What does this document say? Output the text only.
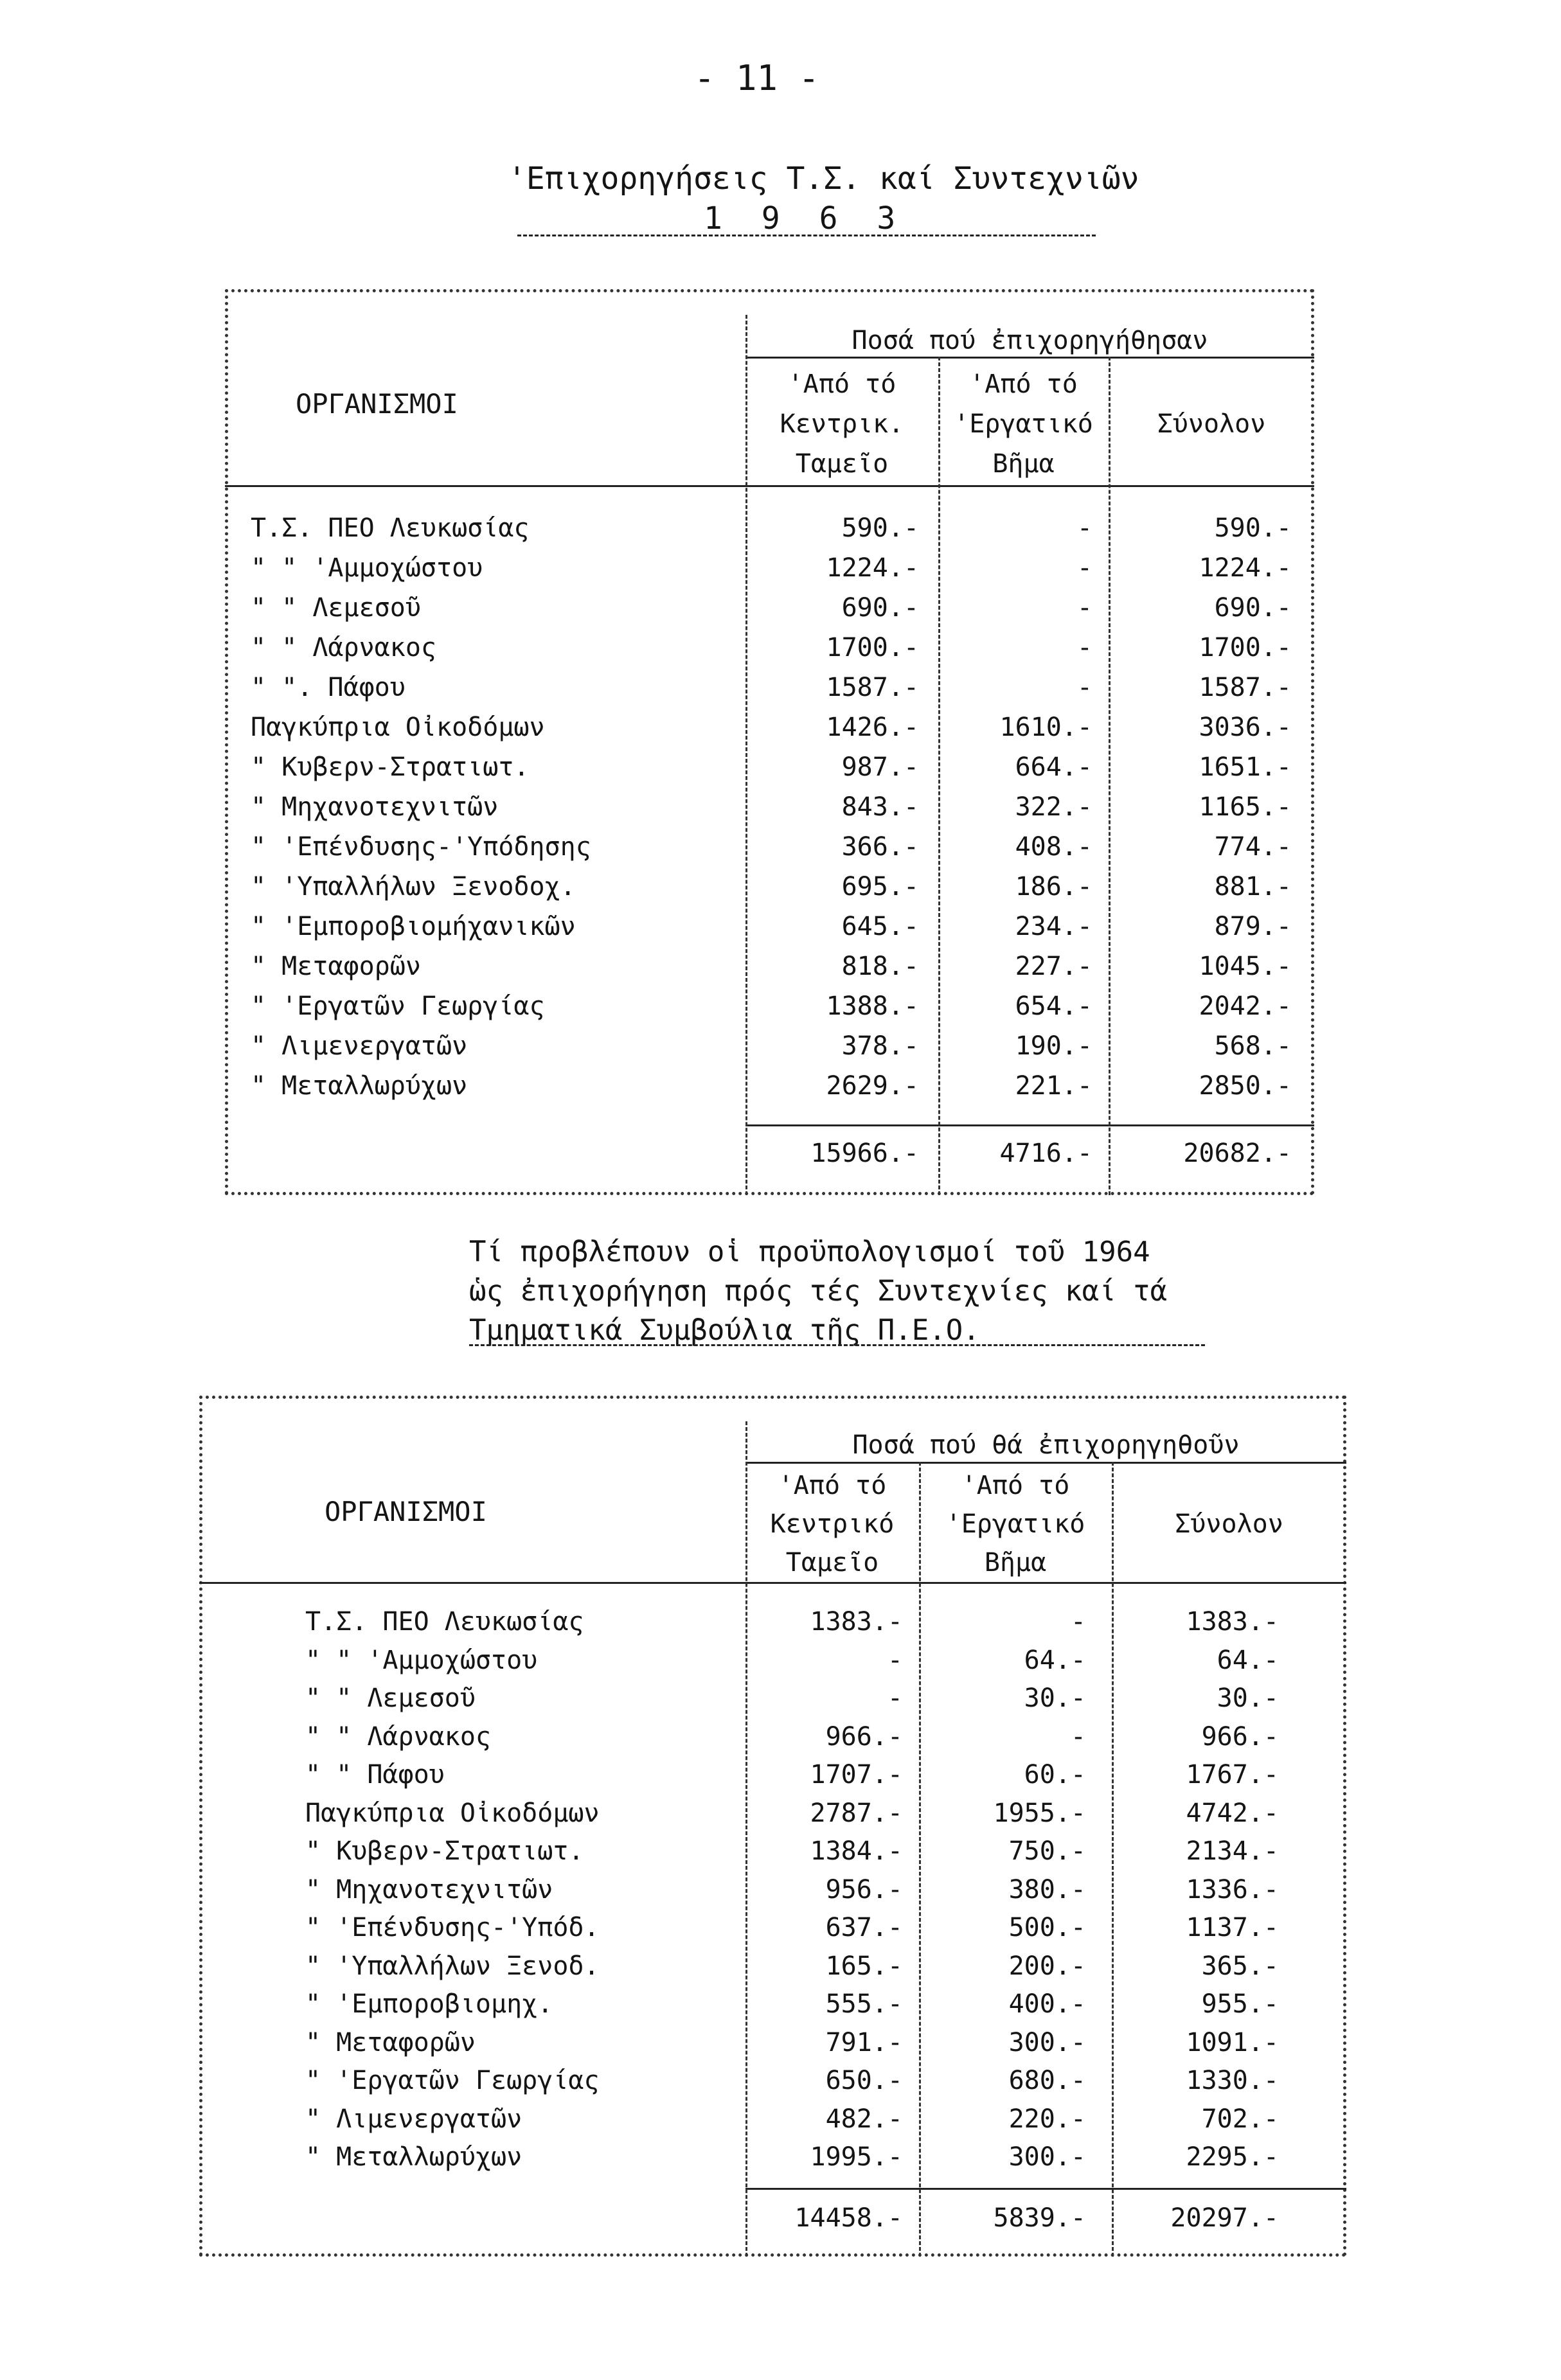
- 11 -
'Επιχορηγήσεις Τ.Σ. καί Συντεχνιῶν
1 9 6 3
ΟΡΓΑΝΙΣΜΟΙ
Ποσά πού ἐπιχορηγήθησαν
'Από τό
Κεντρικ.
Ταμεῖο
'Από τό
'Εργατικό
Βῆμα
Σύνολον
Τ.Σ. ΠΕΟ Λευκωσίας	590.-	-	590.-
" " 'Αμμοχώστου	1224.-	-	1224.-
" " Λεμεσοῦ	690.-	-	690.-
" " Λάρνακος	1700.-	-	1700.-
" ". Πάφου	1587.-	-	1587.-
Παγκύπρια Οἰκοδόμων	1426.-	1610.-	3036.-
" Κυβερν-Στρατιωτ.	987.-	664.-	1651.-
" Μηχανοτεχνιτῶν	843.-	322.-	1165.-
" 'Επένδυσης-'Υπόδησης	366.-	408.-	774.-
" 'Υπαλλήλων Ξενοδοχ.	695.-	186.-	881.-
" 'Εμποροβιομήχανικῶν	645.-	234.-	879.-
" Μεταφορῶν	818.-	227.-	1045.-
" 'Εργατῶν Γεωργίας	1388.-	654.-	2042.-
" Λιμενεργατῶν	378.-	190.-	568.-
" Μεταλλωρύχων	2629.-	221.-	2850.-
15966.-	4716.-	20682.-
Τί προβλέπουν οἱ προϋπολογισμοί τοῦ 1964
ὡς ἐπιχορήγηση πρός τές Συντεχνίες καί τά
Τμηματικά Συμβούλια τῆς Π.Ε.Ο.
ΟΡΓΑΝΙΣΜΟΙ
Ποσά πού θά ἐπιχορηγηθοῦν
'Από τό
Κεντρικό
Ταμεῖο
'Από τό
'Εργατικό
Βῆμα
Σύνολον
Τ.Σ. ΠΕΟ Λευκωσίας	1383.-	-	1383.-
" " 'Αμμοχώστου	-	64.-	64.-
" " Λεμεσοῦ	-	30.-	30.-
" " Λάρνακος	966.-	-	966.-
" " Πάφου	1707.-	60.-	1767.-
Παγκύπρια Οἰκοδόμων	2787.-	1955.-	4742.-
" Κυβερν-Στρατιωτ.	1384.-	750.-	2134.-
" Μηχανοτεχνιτῶν	956.-	380.-	1336.-
" 'Επένδυσης-'Υπόδ.	637.-	500.-	1137.-
" 'Υπαλλήλων Ξενοδ.	165.-	200.-	365.-
" 'Εμποροβιομηχ.	555.-	400.-	955.-
" Μεταφορῶν	791.-	300.-	1091.-
" 'Εργατῶν Γεωργίας	650.-	680.-	1330.-
" Λιμενεργατῶν	482.-	220.-	702.-
" Μεταλλωρύχων	1995.-	300.-	2295.-
14458.-	5839.-	20297.-
